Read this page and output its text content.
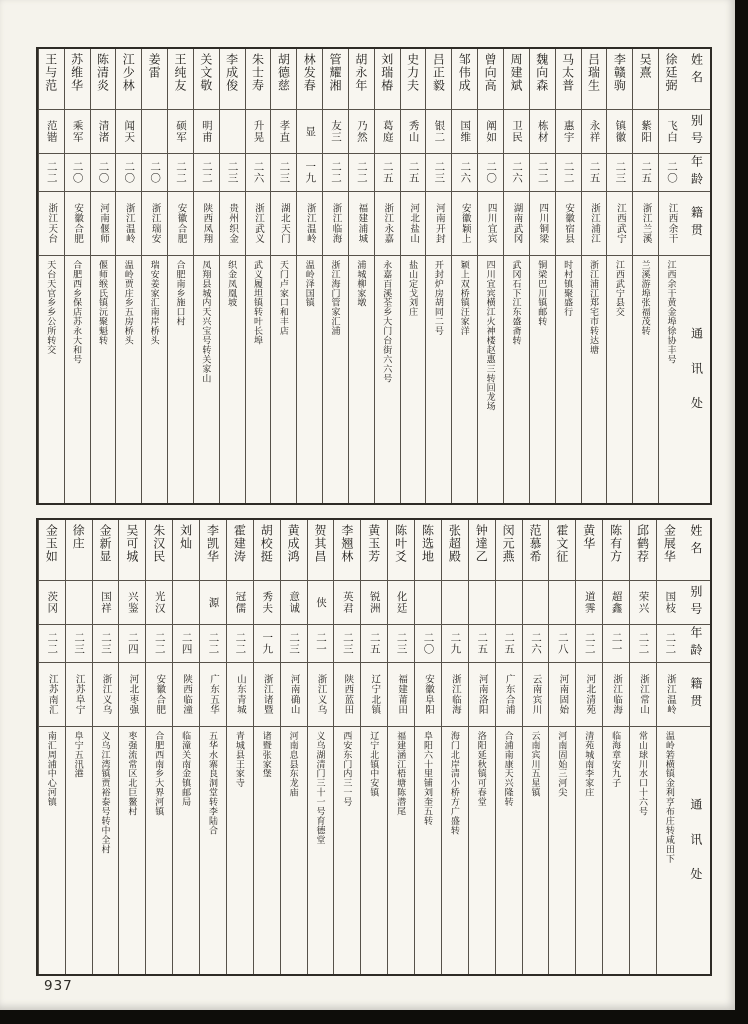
姓名
别号
年龄
籍贯
通讯处
徐廷弼
飞白
二〇
江西余干
江西余干黄金埠徐协丰号
吴熹
紫阳
二五
浙江兰溪
兰溪游埠张福茂转
李赣驹
镇徽
二三
江西武宁
江西武宁县交
吕瑞生
永祥
二五
浙江浦江
浙江浦江郑宅市转达塘
马太普
惠宇
二二
安徽宿县
时村镇聚盛行
魏向森
栋材
二二
四川铜梁
铜梁巴川镇邮转
周建斌
卫民
二六
湖南武冈
武冈石下江东盛斋转
曾向高
阐如
二〇
四川宜宾
四川宜宾横江火神楼赵惠三转回龙场
邹伟成
国维
二六
安徽颖上
颖上双桥镇汪家洋
吕正毅
银二
二三
河南开封
开封炉房胡同二号
史力夫
秀山
二五
河北盐山
盐山定戈刘庄
刘瑞椿
葛庭
二五
浙江永嘉
永嘉百溪荃乡大门台街六六号
胡永年
乃然
二二
福建浦城
浦城柳家墩
管耀湘
友三
二二
浙江临海
浙江海门管家汇浦
林发春
显
一九
浙江温岭
温岭泽国镇
胡德慈
孝直
二三
湖北天门
天门卢家口和丰店
朱士寿
升晃
二六
浙江武义
武义履坦镇转叶长埠
李成俊
二三
贵州织金
织金凤凰坡
关文敬
明甫
二二
陕西凤翔
凤翔县城内天兴宝号转关家山
王纯友
硕军
二二
安徽合肥
合肥南乡施口村
姜雷
二〇
浙江瑞安
瑞安姜家汇南岸桥头
江少林
闻天
二〇
浙江温岭
温岭贾庄乡五房桥头
陈清炎
清渚
二〇
河南偃师
偃师缑氏镇沅聚魁转
苏维华
乘军
二〇
安徽合肥
合肥西乡保店苏永大和号
王与范
范锴
二二
浙江天台
天台天官乡乡公所转交
姓名
别号
年龄
籍贯
通讯处
金展华
国枝
二二
浙江温岭
温岭箬横镇金利亨布庄转咸田下
邱鹤荐
荣兴
二二
浙江常山
常山球川水口十六号
陈有方
超鑫
二一
浙江临海
临海章安九子
黄华
道霁
二二
河北清苑
清苑城南李家庄
霍文征
二八
河南固始
河南固始三河尖
范慕希
二六
云南宾川
云南宾川五星镇
闵元燕
二五
广东合浦
合浦南康天兴隆转
钟達乙
二五
河南洛阳
洛阳延秋镇可春堂
张超殿
二九
浙江临海
海门北岸清小桥方广盛转
陈选地
二〇
安徽阜阳
阜阳六十里铺刘奎五转
陈叶爻
化廷
二三
福建莆田
福建涵江梧塘陈潜尾
黄玉芳
锐洲
二五
辽宁北镇
辽宁北镇中安镇
李翘林
英君
二三
陕西蓝田
西安东门内三一号
贺其昌
侠
二一
浙江义乌
义乌湖清门三十一号育德堂
黄成鸿
意诚
二三
河南确山
河南息县东龙庙
胡校挺
秀夫
一九
浙江诸暨
诸暨张家堡
霍建涛
冠儒
二二
山东青城
青城县王家寺
李凯华
源
二二
广东五华
五华水寨良洞堂转李陆合
刘灿
二四
陕西临潼
临潼关南金镇邮局
朱汉民
光汉
二二
安徽合肥
合肥西南乡大界河镇
吴可城
兴鉴
二四
河北枣强
枣强流常区北巨鳌村
金新显
国祥
二三
浙江义乌
义乌江湾镇贾裕泰号转中全村
徐庄
二三
江苏阜宁
阜宁五汛港
金玉如
茨冈
二二
江苏南汇
南汇周浦中心河镇
937
